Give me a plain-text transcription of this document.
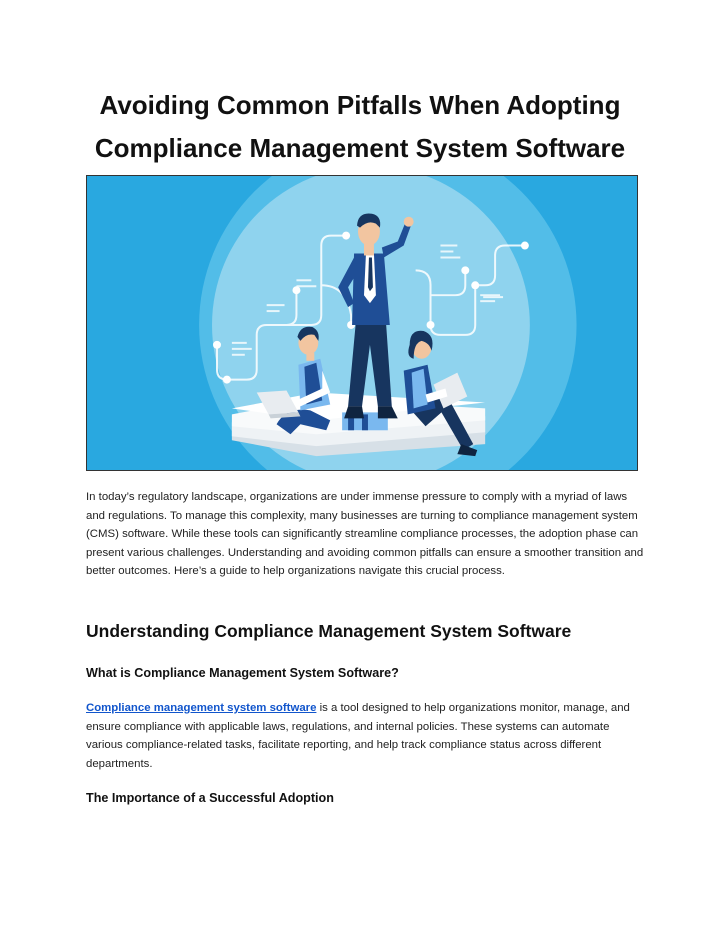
Avoiding Common Pitfalls When Adopting
Compliance Management System Software

In today’s regulatory landscape, organizations are under immense pressure to comply with a myriad of laws and regulations. To manage this complexity, many businesses are turning to compliance management system (CMS) software. While these tools can significantly streamline compliance processes, the adoption phase can present various challenges. Understanding and avoiding common pitfalls can ensure a smoother transition and better outcomes. Here’s a guide to help organizations navigate this crucial process.

Understanding Compliance Management System Software
What is Compliance Management System Software?

Compliance management system software is a tool designed to help organizations monitor, manage, and ensure compliance with applicable laws, regulations, and internal policies. These systems can automate various compliance-related tasks, facilitate reporting, and help track compliance status across different departments.

The Importance of a Successful Adoption
